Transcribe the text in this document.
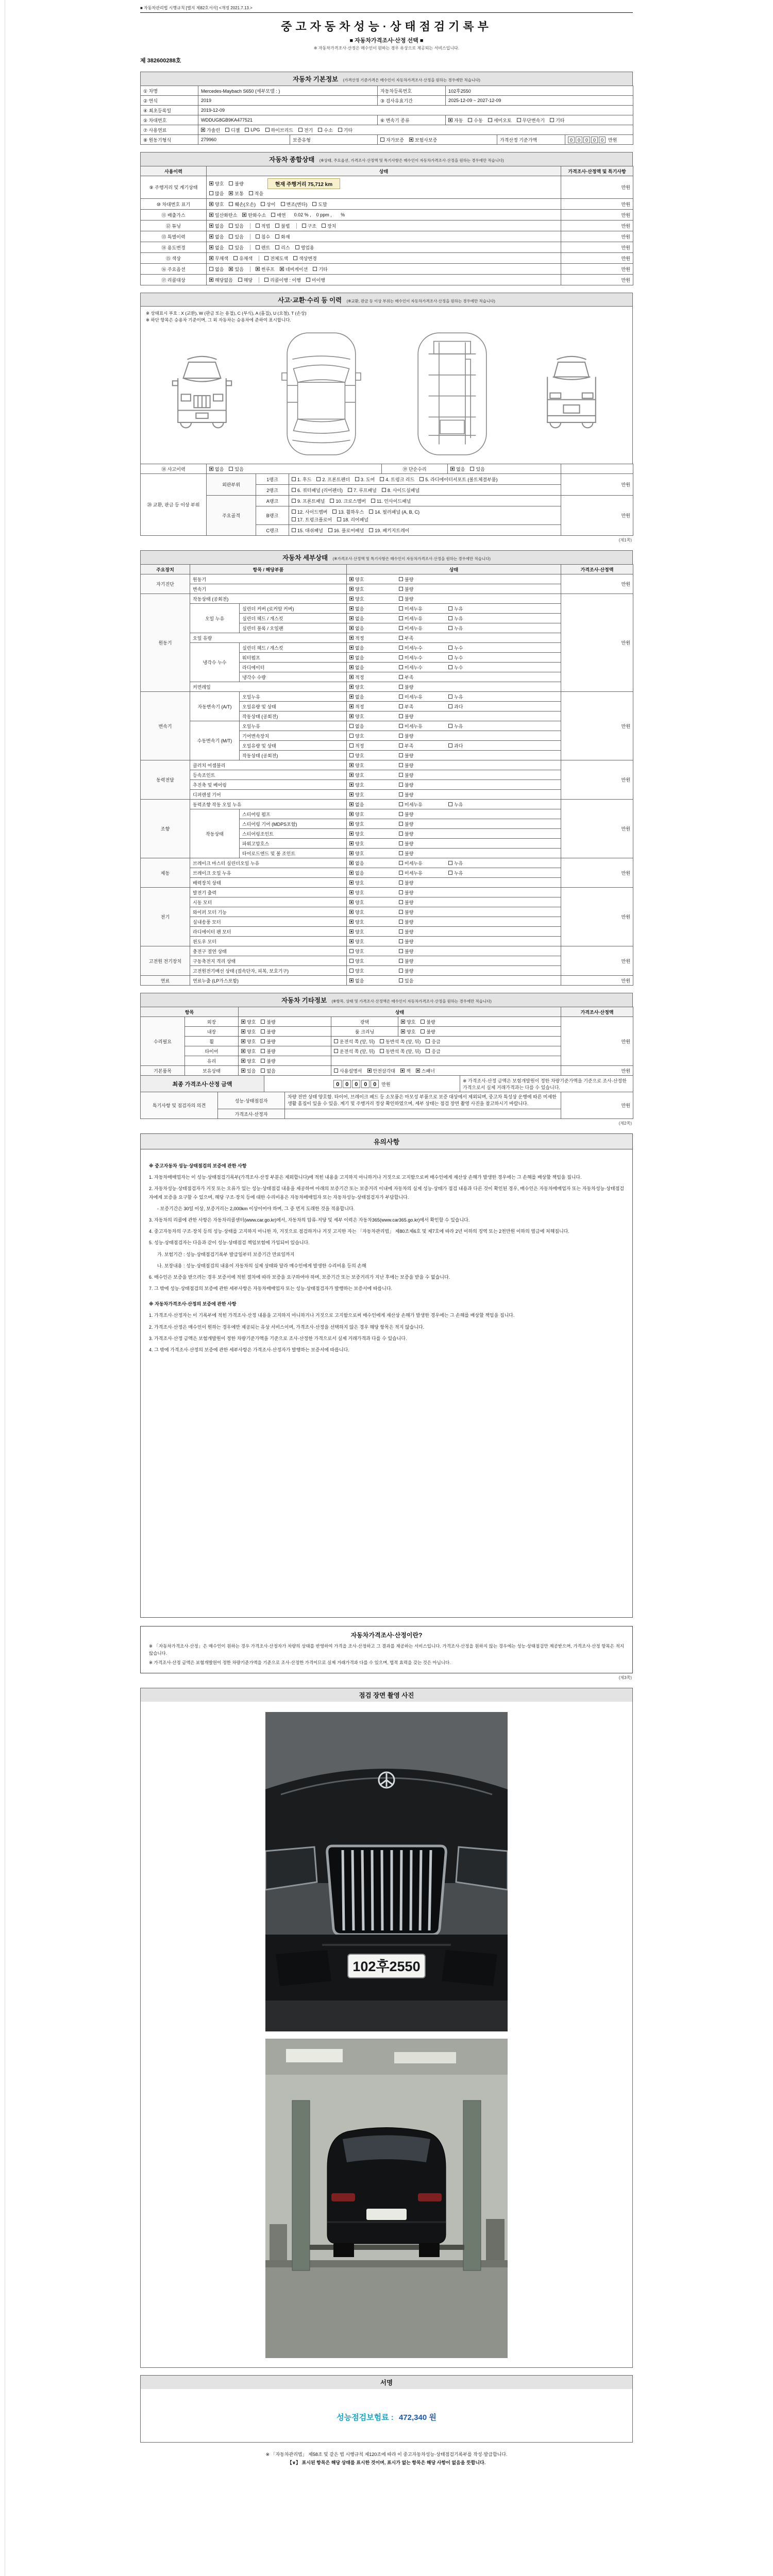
■ 자동차관리법 시행규칙 [별지 제82호서식] <개정 2021.7.13.>
중고자동차성능·상태점검기록부
■ 자동차가격조사·산정 선택 ■
※ 자동차가격조사·산정은 매수인이 원하는 경우 유상으로 제공되는 서비스입니다.
제 382600288호
자동차 기본정보 (가격산정 기준가격은 매수인이 자동차가격조사·산정을 원하는 경우에만 적습니다)
① 차명	Mercedes-Maybach S650 (세부모델 : )		자동차등록번호	102후2550		
② 연식	2019		③ 검사유효기간	2025-12-09 ~ 2027-12-09		
④ 최초등록일	2019-12-09					
⑤ 차대번호	WDDUG8GB9KA477521		⑥ 변속기 종류	자동 수동 세미오토 무단변속기 기타		

⑦ 사용연료	가솔린 디젤 LPG 하이브리드 전기 수소 기타

⑧ 원동기형식	279960	보증유형	자가보증 보험사보증		가격산정 기준가액	0 0 0 0 0 만원
자동차 종합상태 (※상태, 주요옵션, 가격조사·산정액 및 특기사항은 매수인이 자동차가격조사·산정을 원하는 경우에만 적습니다)
사용이력	상태	가격조사·산정액 및 특기사항
⑨ 주행거리 및 계기상태	
양호 불량	현재 주행거리 75,712 km
많음 보통 적음
	만원
⑩ 차대번호 표기	양호 훼손(오손) 상이 변조(변타) 도말	만원
⑪ 배출가스	일산화탄소 탄화수소 매연 0.02 % ,    0 ppm ,       %	만원
⑫ 튜닝	없음 있음	적법 불법	구조 장치	만원
⑬ 특별이력	없음 있음 침수 화재	만원
⑭ 용도변경	없음 있음 렌트 리스 영업용	만원
⑮ 색상	무채색 유채색 전체도색 색상변경	만원
⑯ 주요옵션	없음 있음 썬루프 네비게이션 기타	만원
⑰ 리콜대상	해당없음 해당 리콜이행 : 이행 미이행	만원
사고·교환·수리 등 이력 (※교환, 판금 등 이상 부위는 매수인이 자동차가격조사·산정을 원하는 경우에만 적습니다)
※ 상태표시 부호 : X (교환), W (판금 또는 용접), C (부식), A (흠집), U (요철), T (손상)
※ 하단 항목은 승용차 기준이며, 그 외 자동차는 승용차에 준하여 표시합니다.
⑱ 사고이력	없음 있음	⑲ 단순수리	없음 있음

⑳ 교환, 판금 등 이상 부위	외판부위	1랭크	1. 후드 2. 프론트펜더 3. 도어 4. 트렁크 리드 5. 라디에이터서포트 (볼트체결부품)	만원
		2랭크	6. 쿼터패널 (리어펜더) 7. 루프패널 8. 사이드실패널	

	주요골격	A랭크	9. 프론트패널 10. 크로스멤버 11. 인사이드패널	만원
		B랭크	12. 사이드멤버 13. 휠하우스 14. 필러패널 (A, B, C)
17. 트렁크플로어 18. 리어패널	

		C랭크	15. 대쉬패널 16. 플로어패널 19. 패키지트레이	
(제1쪽)
자동차 세부상태 (※가격조사·산정액 및 특기사항은 매수인이 자동차가격조사·산정을 원하는 경우에만 적습니다)
주요장치	항목 / 해당부품		상태	가격조사·산정액
자기진단	원동기		양호 불량	만원
	변속기		양호 불량	

원동기	작동상태 (공회전)		양호 불량	만원
	오일 누유	실린더 커버 (로커암 커버)	없음 미세누유 누유	

		실린더 헤드 / 개스킷	없음 미세누유 누유	

		실린더 블록 / 오일팬	없음 미세누유 누유	

	오일 유량		적정 부족	

	냉각수 누수	실린더 헤드 / 개스킷	없음 미세누수 누수	

		워터펌프	없음 미세누수 누수	

		라디에이터	없음 미세누수 누수	

		냉각수 수량	적정 부족	

	커먼레일		양호 불량	

변속기	자동변속기 (A/T)	오일누유	없음 미세누유 누유	만원
		오일유량 및 상태	적정 부족 과다	

		작동상태 (공회전)	양호 불량	

	수동변속기 (M/T)	오일누유	없음 미세누유 누유	

		기어변속장치	양호 불량	

		오일유량 및 상태	적정 부족 과다	

		작동상태 (공회전)	양호 불량	

동력전달	클러치 어셈블리		양호 불량	만원
	등속조인트		양호 불량	

	추진축 및 베어링		양호 불량	

	디퍼렌셜 기어		양호 불량	

조향	동력조향 작동 오일 누유		없음 미세누유 누유	만원
	작동상태	스티어링 펌프	양호 불량	

		스티어링 기어 (MDPS포함)	양호 불량	

		스티어링조인트	양호 불량	

		파워고압호스	양호 불량	

		타이로드엔드 및 볼 조인트	양호 불량	

제동	브레이크 마스터 실린더오일 누유		없음 미세누유 누유	만원
	브레이크 오일 누유		없음 미세누유 누유	

	배력장치 상태		양호 불량	

전기	발전기 출력		양호 불량	만원
	시동 모터		양호 불량	

	와이퍼 모터 기능		양호 불량	

	실내송풍 모터		양호 불량	

	라디에이터 팬 모터		양호 불량	

	윈도우 모터		양호 불량	

고전원 전기장치	충전구 절연 상태		양호 불량	만원
	구동축전지 격리 상태		양호 불량	

	고전원전기배선 상태 (접속단자, 피복, 보호기구)		양호 불량	

연료	연료누출 (LP가스포함)		없음 있음	만원
자동차 기타정보 (※항목, 상태 및 가격조사·산정액은 매수인이 자동차가격조사·산정을 원하는 경우에만 적습니다)
항목		상태			가격조사·산정액
수리필요	외장	양호 불량	광택	양호 불량	만원
	내장	양호 불량	룸 크리닝	양호 불량	

	휠	양호 불량	운전석 쪽 (앞, 뒤) 동반석 쪽 (앞, 뒤) 응급		

	타이어	양호 불량	운전석 쪽 (앞, 뒤) 동반석 쪽 (앞, 뒤) 응급		

	유리	양호 불량			

기본품목	보유상태	있음 없음	사용설명서 안전삼각대 잭 스패너		만원
최종 가격조사·산정 금액	0 0 0 0 0 만원	※ 가격조사·산정 금액은 보험개발원이 정한 차량기준가액을 기준으로 조사·산정한 가격으로서 실제 거래가격과는 다를 수 있습니다.
특기사항 및 점검자의 의견	성능·상태점검자	차량 전반 상태 양호함. 타이어, 브레이크 패드 등 소모품은 마모성 부품으로 보증 대상에서 제외되며, 중고차 특성상 운행에 따른 미세한 생활 흠집이 있을 수 있음. 계기 및 주행거리 정상 확인하였으며, 세부 상태는 점검 장면 촬영 사진을 참고하시기 바랍니다.	만원
	가격조사·산정자		
(제2쪽)
유의사항

※ 중고자동차 성능·상태점검의 보증에 관한 사항

1. 자동차매매업자는 이 성능·상태점검기록부(가격조사·산정 부분은 제외합니다)에 적힌 내용을 고지하지 아니하거나 거짓으로 고지함으로써 매수인에게 재산상 손해가 발생한 경우에는 그 손해를 배상할 책임을 집니다.

2. 자동차성능·상태점검자가 거짓 또는 오류가 있는 성능·상태점검 내용을 제공하여 아래의 보증기간 또는 보증거리 이내에 자동차의 실제 성능·상태가 점검 내용과 다른 것이 확인된 경우, 매수인은 자동차매매업자 또는 자동차성능·상태점검자에게 보증을 요구할 수 있으며, 해당 구조·장치 등에 대한 수리비용은 자동차매매업자 또는 자동차성능·상태점검자가 부담합니다.

- 보증기간은 30일 이상, 보증거리는 2,000km 이상이어야 하며, 그 중 먼저 도래한 것을 적용합니다.

3. 자동차의 리콜에 관한 사항은 자동차리콜센터(www.car.go.kr)에서, 자동차의 압류·저당 및 세부 이력은 자동차365(www.car365.go.kr)에서 확인할 수 있습니다.

4. 중고자동차의 구조·장치 등의 성능·상태를 고지하지 아니한 자, 거짓으로 점검하거나 거짓 고지한 자는 「자동차관리법」 제80조제6호 및 제7호에 따라 2년 이하의 징역 또는 2천만원 이하의 벌금에 처해집니다.

5. 성능·상태점검자는 다음과 같이 성능·상태점검 책임보험에 가입되어 있습니다.

가. 보험기간 : 성능·상태점검기록부 발급일부터 보증기간 만료일까지

나. 보장내용 : 성능·상태점검의 내용이 자동차의 실제 상태와 달라 매수인에게 발생한 수리비용 등의 손해

6. 매수인은 보증을 받으려는 경우 보증서에 적힌 절차에 따라 보증을 요구하여야 하며, 보증기간 또는 보증거리가 지난 후에는 보증을 받을 수 없습니다.

7. 그 밖에 성능·상태점검의 보증에 관한 세부사항은 자동차매매업자 또는 성능·상태점검자가 발행하는 보증서에 따릅니다.

※ 자동차가격조사·산정의 보증에 관한 사항

1. 가격조사·산정자는 이 기록부에 적힌 가격조사·산정 내용을 고지하지 아니하거나 거짓으로 고지함으로써 매수인에게 재산상 손해가 발생한 경우에는 그 손해를 배상할 책임을 집니다.

2. 가격조사·산정은 매수인이 원하는 경우에만 제공되는 유상 서비스이며, 가격조사·산정을 선택하지 않은 경우 해당 항목은 적지 않습니다.

3. 가격조사·산정 금액은 보험개발원이 정한 차량기준가액을 기준으로 조사·산정한 가격으로서 실제 거래가격과 다를 수 있습니다.

4. 그 밖에 가격조사·산정의 보증에 관한 세부사항은 가격조사·산정자가 발행하는 보증서에 따릅니다.

자동차가격조사·산정이란?

※ 「자동차가격조사·산정」은 매수인이 원하는 경우 가격조사·산정자가 차량의 상태를 반영하여 가격을 조사·산정하고 그 결과를 제공하는 서비스입니다. 가격조사·산정을 원하지 않는 경우에는 성능·상태점검만 제공받으며, 가격조사·산정 항목은 적지 않습니다.

※ 가격조사·산정 금액은 보험개발원이 정한 차량기준가액을 기준으로 조사·산정한 가격이므로 실제 거래가격과 다를 수 있으며, 법적 효력을 갖는 것은 아닙니다.

(제3쪽)
점검 장면 촬영 사진
102후2550
서명
성능점검보험료 : 472,340 원

※ 「자동차관리법」 제58조 및 같은 법 시행규칙 제120조에 따라 이 중고자동차성능·상태점검기록부를 작성·발급합니다.

【∨】 표시된 항목은 해당 상태를 표시한 것이며, 표시가 없는 항목은 해당 사항이 없음을 뜻합니다.
